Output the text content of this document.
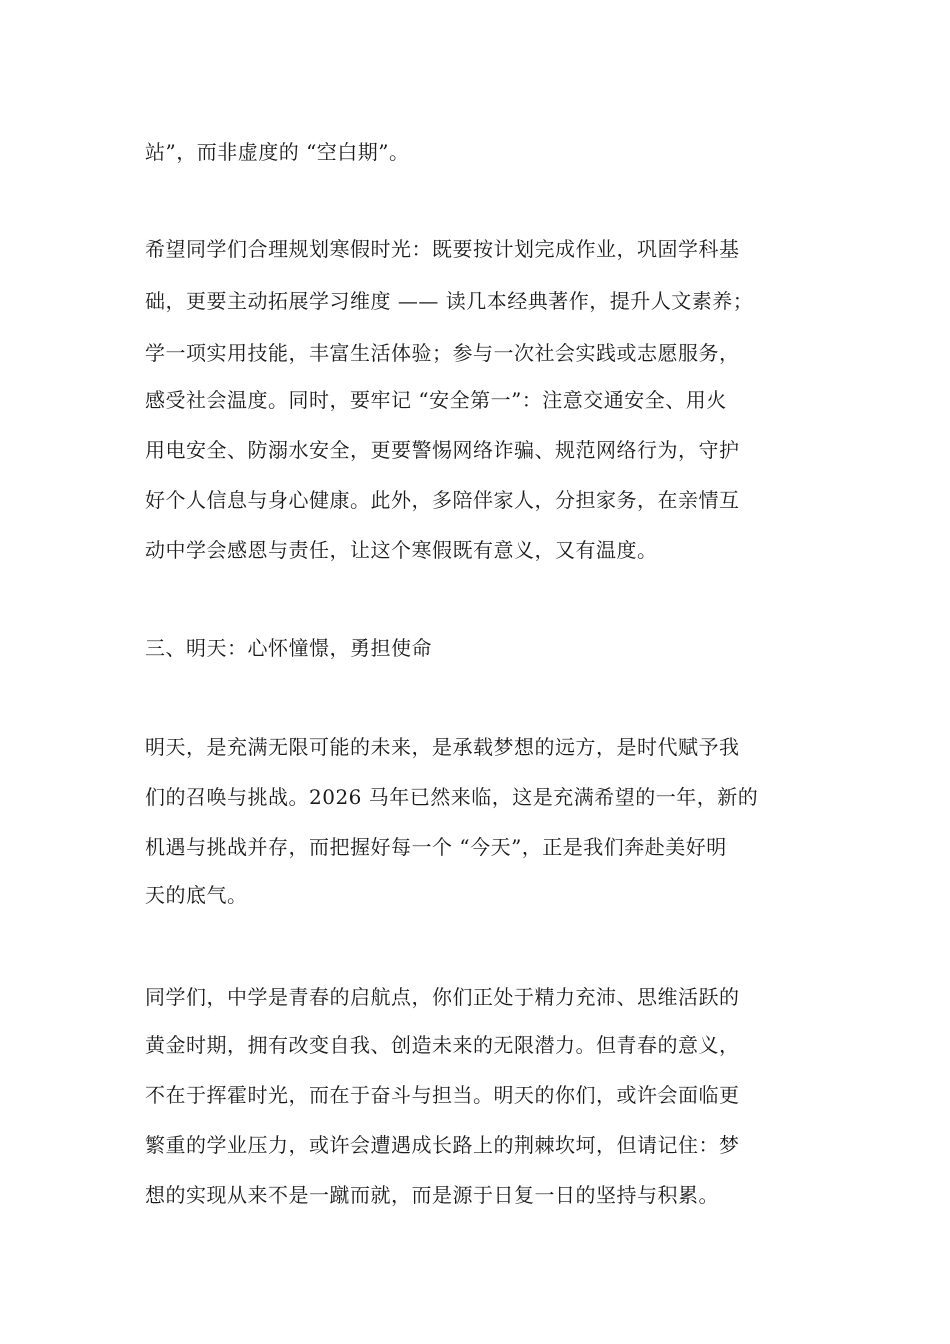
站”，而非虚度的 “空白期”。
希望同学们合理规划寒假时光：既要按计划完成作业，巩固学科基
础，更要主动拓展学习维度 —— 读几本经典著作，提升人文素养；
学一项实用技能，丰富生活体验；参与一次社会实践或志愿服务，
感受社会温度。同时，要牢记 “安全第一”：注意交通安全、用火
用电安全、防溺水安全，更要警惕网络诈骗、规范网络行为，守护
好个人信息与身心健康。此外，多陪伴家人，分担家务，在亲情互
动中学会感恩与责任，让这个寒假既有意义，又有温度。
三、明天：心怀憧憬，勇担使命
明天，是充满无限可能的未来，是承载梦想的远方，是时代赋予我
们的召唤与挑战。2026 马年已然来临，这是充满希望的一年，新的
机遇与挑战并存，而把握好每一个 “今天”，正是我们奔赴美好明
天的底气。
同学们，中学是青春的启航点，你们正处于精力充沛、思维活跃的
黄金时期，拥有改变自我、创造未来的无限潜力。但青春的意义，
不在于挥霍时光，而在于奋斗与担当。明天的你们，或许会面临更
繁重的学业压力，或许会遭遇成长路上的荆棘坎坷，但请记住：梦
想的实现从来不是一蹴而就，而是源于日复一日的坚持与积累。
